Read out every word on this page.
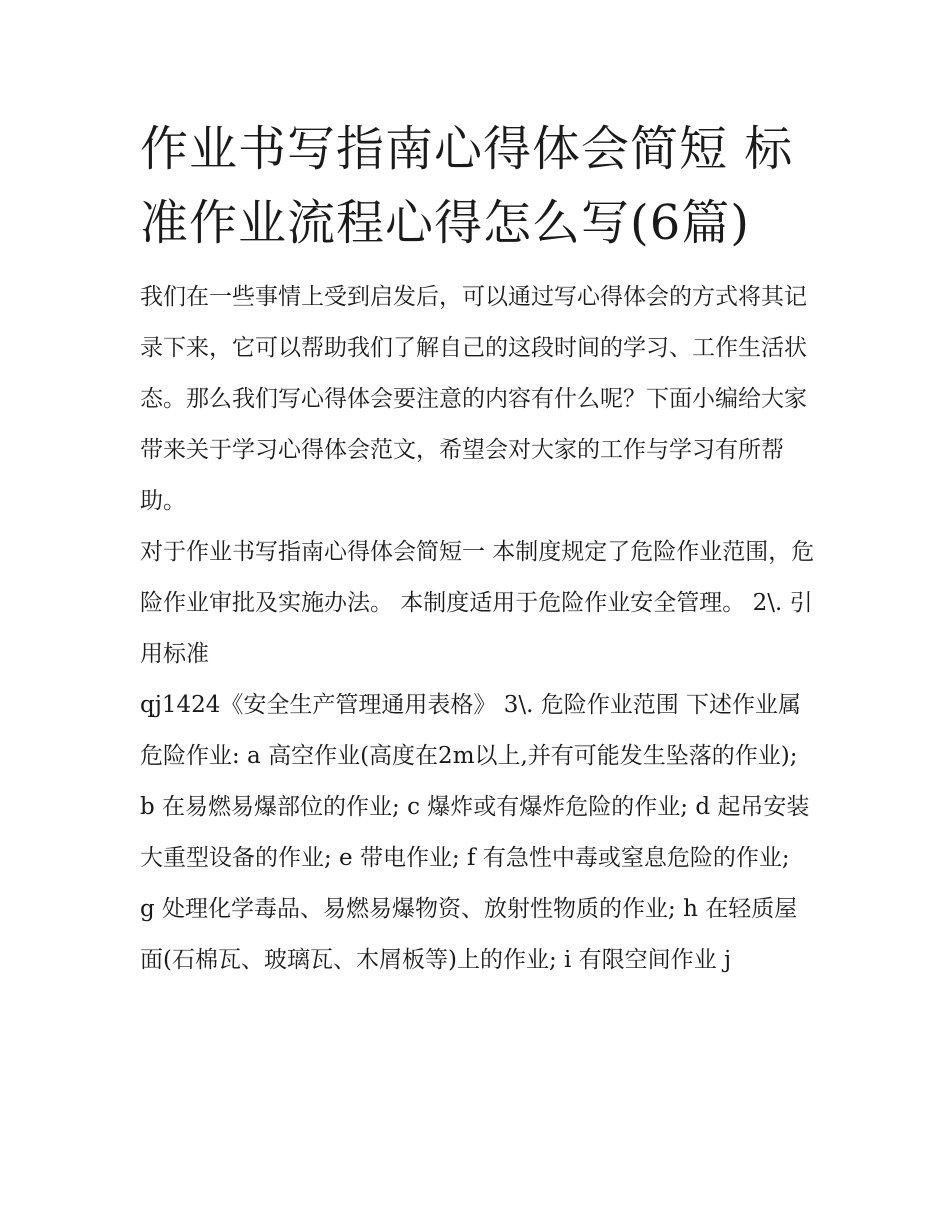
作业书写指南心得体会简短 标准作业流程心得怎么写(6篇)

我们在一些事情上受到启发后，可以通过写心得体会的方式将其记录下来，它可以帮助我们了解自己的这段时间的学习、工作生活状态。那么我们写心得体会要注意的内容有什么呢？下面小编给大家带来关于学习心得体会范文，希望会对大家的工作与学习有所帮助。

对于作业书写指南心得体会简短一 本制度规定了危险作业范围，危险作业审批及实施办法。 本制度适用于危险作业安全管理。 2\. 引用标准

qj1424《安全生产管理通用表格》 3\. 危险作业范围 下述作业属危险作业: a 高空作业(高度在2m以上,并有可能发生坠落的作业);

b 在易燃易爆部位的作业; c 爆炸或有爆炸危险的作业; d 起吊安装大重型设备的作业; e 带电作业; f 有急性中毒或窒息危险的作业;

g 处理化学毒品、易燃易爆物资、放射性物质的作业; h 在轻质屋面(石棉瓦、玻璃瓦、木屑板等)上的作业; i 有限空间作业 j
